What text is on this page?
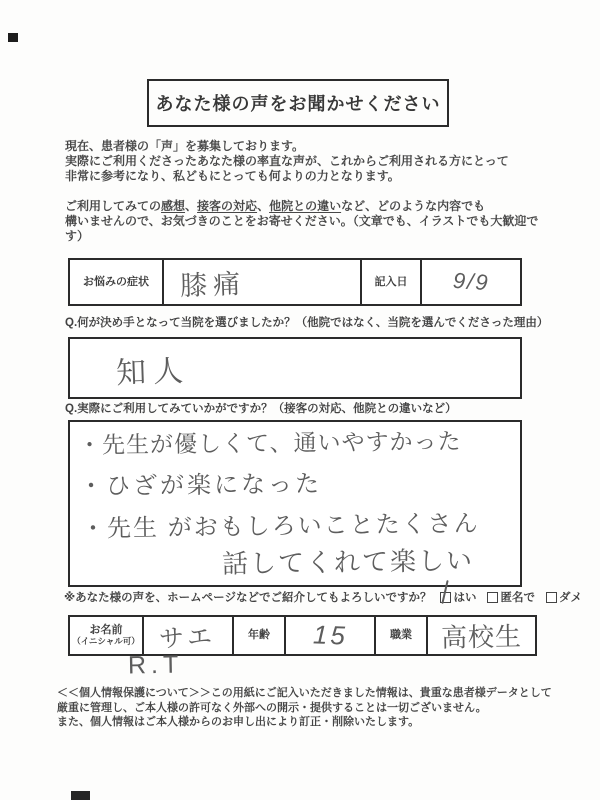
あなた様の声をお聞かせください
現在、患者様の「声」を募集しております。
実際にご利用くださったあなた様の率直な声が、これからご利用される方にとって
非常に参考になり、私どもにとっても何よりの力となります。
ご利用してみての感想、接客の対応、他院との違いなど、どのような内容でも
構いませんので、お気づきのことをお寄せください。（文章でも、イラストでも大歓迎です）
お悩みの症状	膝痛	記入日	9/9
Q.何が決め手となって当院を選びましたか？（他院ではなく、当院を選んでくださった理由）
知人
Q.実際にご利用してみていかがですか？（接客の対応、他院との違いなど）
・先生が優しくて、通いやすかった
・ひざが楽になった
・先生 がおもしろいことたくさん
話してくれて楽しい
※あなた様の声を、ホームページなどでご紹介してもよろしいですか？ はい 匿名で ダメ
お名前
（イニシャル可） サエ	年齢	15	職業	高校生
R.T
＜＜個人情報保護について＞＞この用紙にご記入いただきました情報は、貴重な患者様データとして
厳重に管理し、ご本人様の許可なく外部への開示・提供することは一切ございません。
また、個人情報はご本人様からのお申し出により訂正・削除いたします。
